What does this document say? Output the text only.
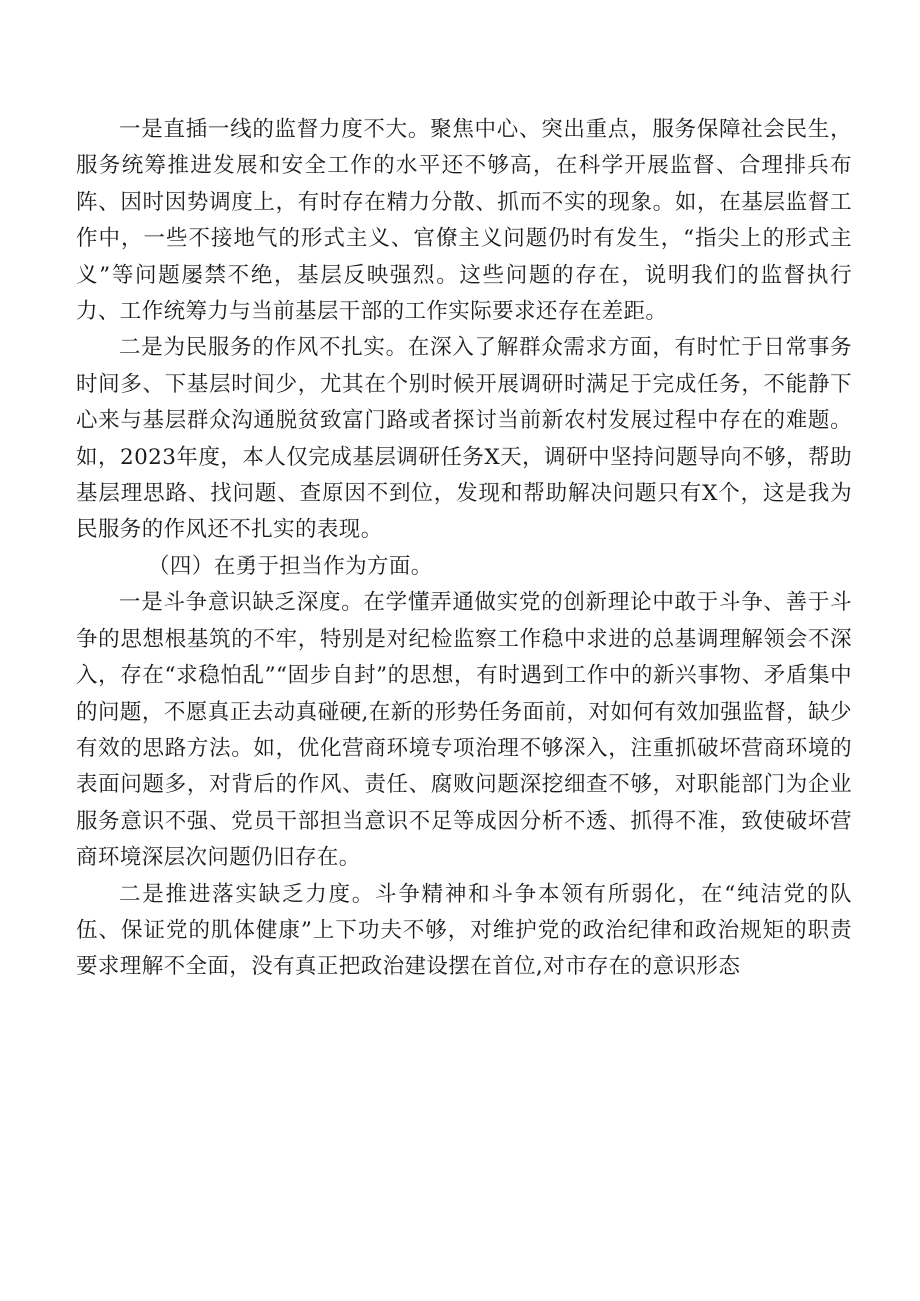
一是直插一线的监督力度不大。聚焦中心、突出重点，服务保障社会民生，服务统筹推进发展和安全工作的水平还不够高，在科学开展监督、合理排兵布阵、因时因势调度上，有时存在精力分散、抓而不实的现象。如，在基层监督工作中，一些不接地气的形式主义、官僚主义问题仍时有发生，“指尖上的形式主义”等问题屡禁不绝，基层反映强烈。这些问题的存在，说明我们的监督执行力、工作统筹力与当前基层干部的工作实际要求还存在差距。

二是为民服务的作风不扎实。在深入了解群众需求方面，有时忙于日常事务时间多、下基层时间少，尤其在个别时候开展调研时满足于完成任务，不能静下心来与基层群众沟通脱贫致富门路或者探讨当前新农村发展过程中存在的难题。如，2023年度，本人仅完成基层调研任务X天，调研中坚持问题导向不够，帮助基层理思路、找问题、查原因不到位，发现和帮助解决问题只有X个，这是我为民服务的作风还不扎实的表现。

（四）在勇于担当作为方面。

一是斗争意识缺乏深度。在学懂弄通做实党的创新理论中敢于斗争、善于斗争的思想根基筑的不牢，特别是对纪检监察工作稳中求进的总基调理解领会不深入，存在“求稳怕乱”“固步自封”的思想，有时遇到工作中的新兴事物、矛盾集中的问题，不愿真正去动真碰硬,在新的形势任务面前，对如何有效加强监督，缺少有效的思路方法。如，优化营商环境专项治理不够深入，注重抓破坏营商环境的表面问题多，对背后的作风、责任、腐败问题深挖细查不够，对职能部门为企业服务意识不强、党员干部担当意识不足等成因分析不透、抓得不准，致使破坏营商环境深层次问题仍旧存在。

二是推进落实缺乏力度。斗争精神和斗争本领有所弱化，在“纯洁党的队伍、保证党的肌体健康”上下功夫不够，对维护党的政治纪律和政治规矩的职责要求理解不全面，没有真正把政治建设摆在首位,对市存在的意识形态
